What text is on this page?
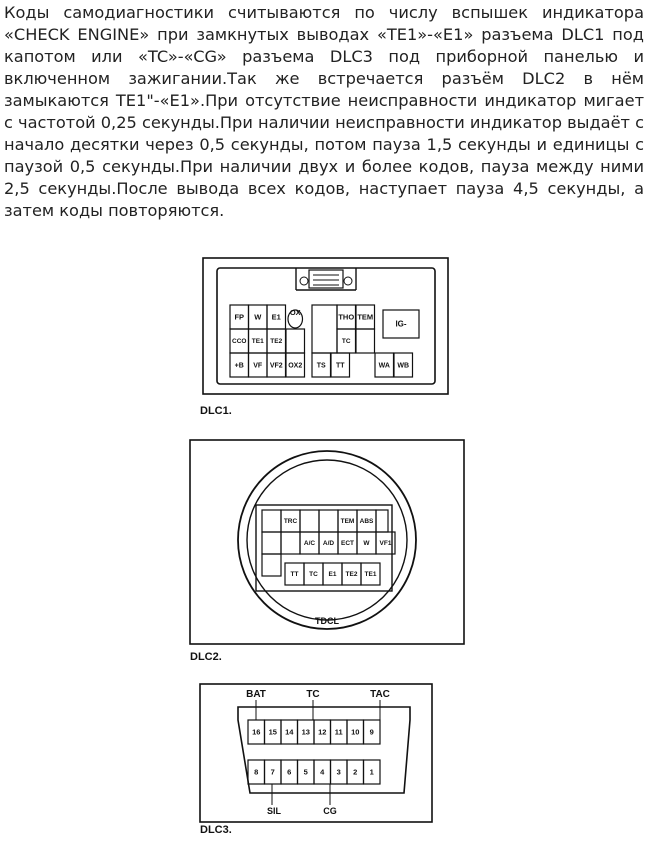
Коды самодиагностики считываются по числу вспышек индикатора «CHECK ENGINE» при замкнутых выводах «TE1»-«E1» разъема DLC1 под капотом или «TC»-«CG» разъема DLC3 под приборной панелью и включенном зажигании.Так же встречается разъём DLC2 в нём замыкаются TE1"-«E1».При отсутствие неисправности индикатор мигает с частотой 0,25 секунды.При наличии неисправности индикатор выдаёт с начало десятки через 0,5 секунды, потом пауза 1,5 секунды и единицы с паузой 0,5 секунды.При наличии двух и более кодов, пауза между ними 2,5 секунды.После вывода всех кодов, наступает пауза 4,5 секунды, а затем коды повторяются.

FP W E1 OX	THO TEM
IG-
CCO TE1 TE2	TC
+B VF VF2 OX2 TS TT	WA WB
DLC1.
TRC	TEM ABS
A/C A/D ECT W VF1
TT TC E1 TE2 TE1
TDCL
DLC2.
16 15 14 13 12 11 10 9
8 7 6 5 4 3 2 1
BAT	TC	TAC
SIL	CG
DLC3.
